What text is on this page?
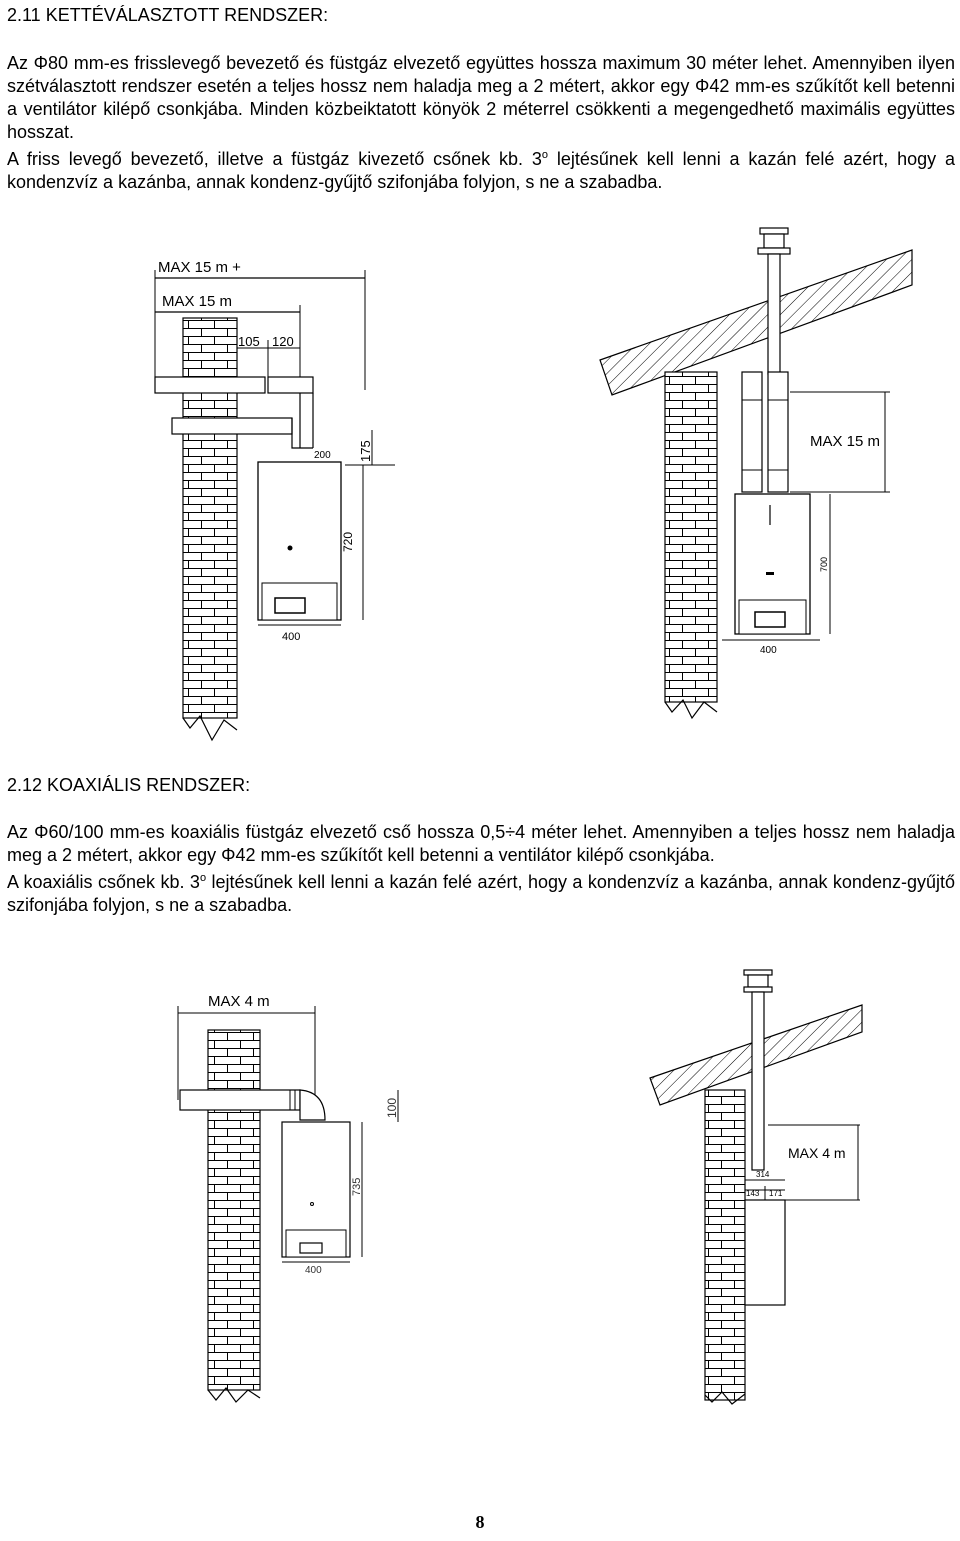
2.11 KETTÉVÁLASZTOTT RENDSZER:

Az Φ80 mm-es frisslevegő bevezető és füstgáz elvezető együttes hossza maximum 30 méter lehet. Amennyiben ilyen szétválasztott rendszer esetén a teljes hossz nem haladja meg a 2 métert, akkor egy Φ42 mm-es szűkítőt kell betenni a ventilátor kilépő csonkjába. Minden közbeiktatott könyök 2 méterrel csökkenti a megengedhető maximális együttes hosszat.

A friss levegő bevezető, illetve a füstgáz kivezető csőnek kb. 3$^o$ lejtésűnek kell lenni a kazán felé azért, hogy a kondenzvíz a kazánba, annak kondenz-gyűjtő szifonjába folyjon, s ne a szabadba.

MAX 15 m +
MAX 15 m
105 120
175
200
720
400
MAX 15 m
700
400
2.12 KOAXIÁLIS RENDSZER:

Az Φ60/100 mm-es koaxiális füstgáz elvezető cső hossza 0,5÷4 méter lehet. Amennyiben a teljes hossz nem haladja meg a 2 métert, akkor egy Φ42 mm-es szűkítőt kell betenni a ventilátor kilépő csonkjába.

A koaxiális csőnek kb. 3$^o$ lejtésűnek kell lenni a kazán felé azért, hogy a kondenzvíz a kazánba, annak kondenz-gyűjtő szifonjába folyjon, s ne a szabadba.

MAX 4 m
100
735
400
MAX 4 m
314
143 171
8
